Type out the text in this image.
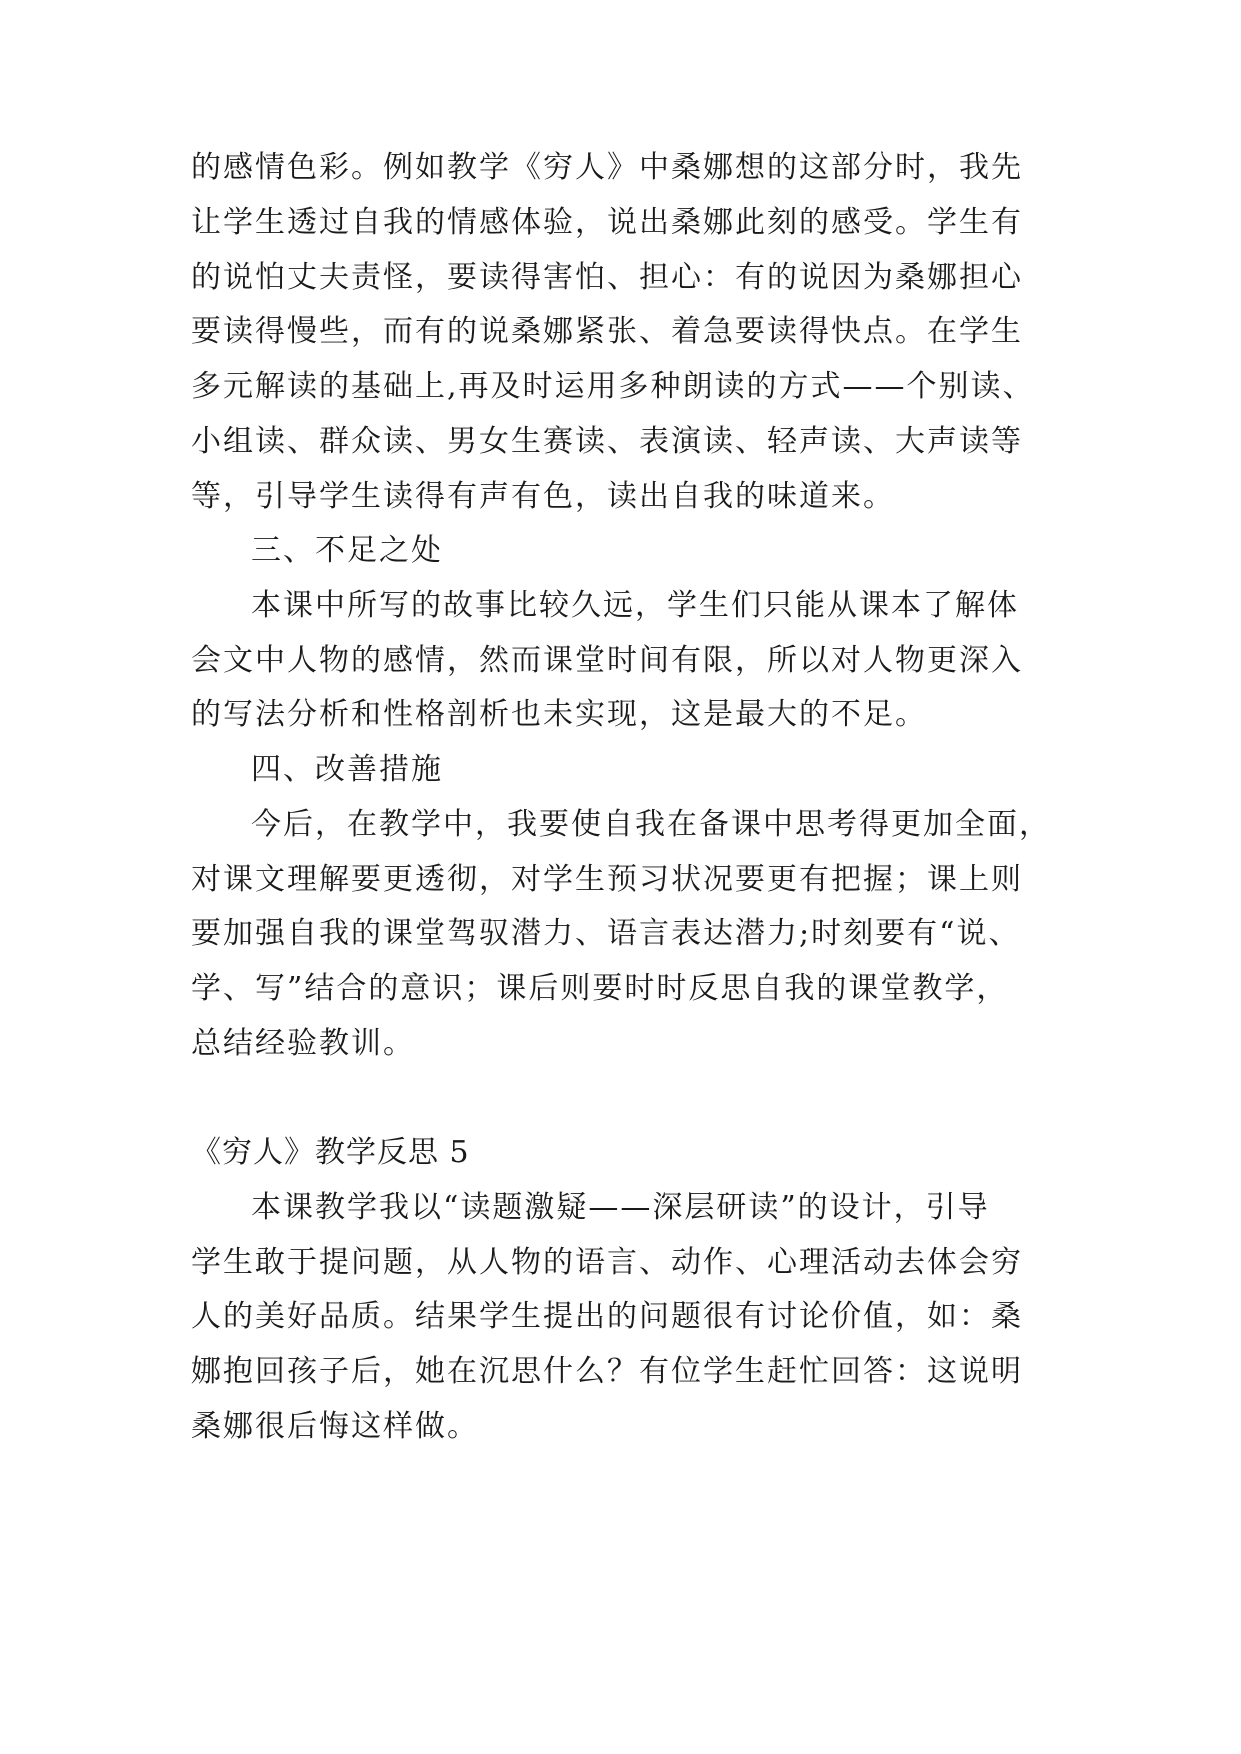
的感情色彩。例如教学《穷人》中桑娜想的这部分时，我先
让学生透过自我的情感体验，说出桑娜此刻的感受。学生有
的说怕丈夫责怪，要读得害怕、担心：有的说因为桑娜担心
要读得慢些，而有的说桑娜紧张、着急要读得快点。在学生
多元解读的基础上,再及时运用多种朗读的方式——个别读、
小组读、群众读、男女生赛读、表演读、轻声读、大声读等
等，引导学生读得有声有色，读出自我的味道来。
三、不足之处
本课中所写的故事比较久远，学生们只能从课本了解体
会文中人物的感情，然而课堂时间有限，所以对人物更深入
的写法分析和性格剖析也未实现，这是最大的不足。
四、改善措施
今后，在教学中，我要使自我在备课中思考得更加全面，
对课文理解要更透彻，对学生预习状况要更有把握；课上则
要加强自我的课堂驾驭潜力、语言表达潜力;时刻要有“说、
学、写”结合的意识；课后则要时时反思自我的课堂教学，
总结经验教训。
《穷人》教学反思 5
本课教学我以“读题激疑——深层研读”的设计，引导
学生敢于提问题，从人物的语言、动作、心理活动去体会穷
人的美好品质。结果学生提出的问题很有讨论价值，如：桑
娜抱回孩子后，她在沉思什么？有位学生赶忙回答：这说明
桑娜很后悔这样做。
